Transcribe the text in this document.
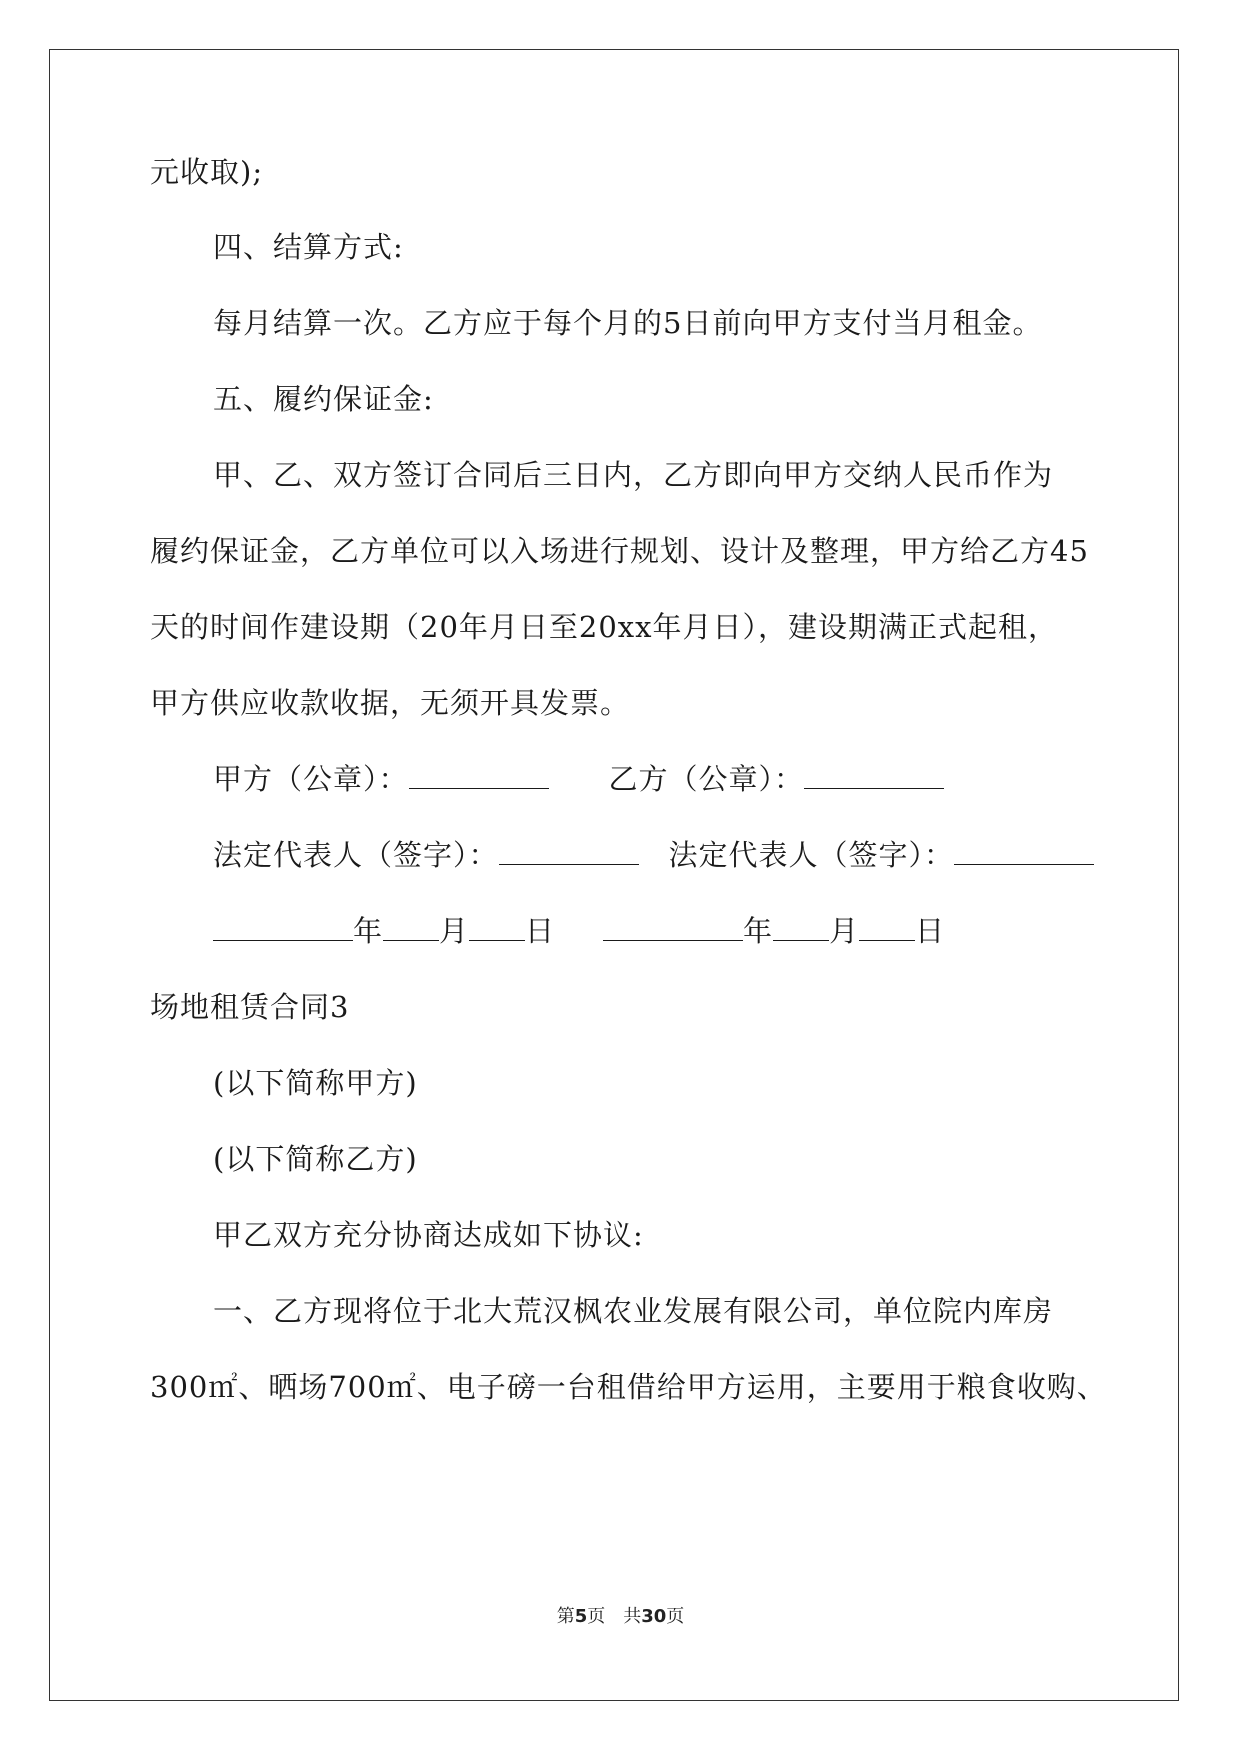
元收取);
四、结算方式:
每月结算一次。乙方应于每个月的5日前向甲方支付当月租金。
五、履约保证金:
甲、乙、双方签订合同后三日内，乙方即向甲方交纳人民币作为
履约保证金，乙方单位可以入场进行规划、设计及整理，甲方给乙方45
天的时间作建设期（20年月日至20xx年月日），建设期满正式起租，
甲方供应收款收据，无须开具发票。
甲方（公章）：	乙方（公章）：
法定代表人（签字）：	法定代表人（签字）：
年 月 日	年 月 日
场地租赁合同3
(以下简称甲方)
(以下简称乙方)
甲乙双方充分协商达成如下协议:
一、乙方现将位于北大荒汉枫农业发展有限公司，单位院内库房
300㎡、晒场700㎡、电子磅一台租借给甲方运用，主要用于粮食收购、
第5页　共30页
